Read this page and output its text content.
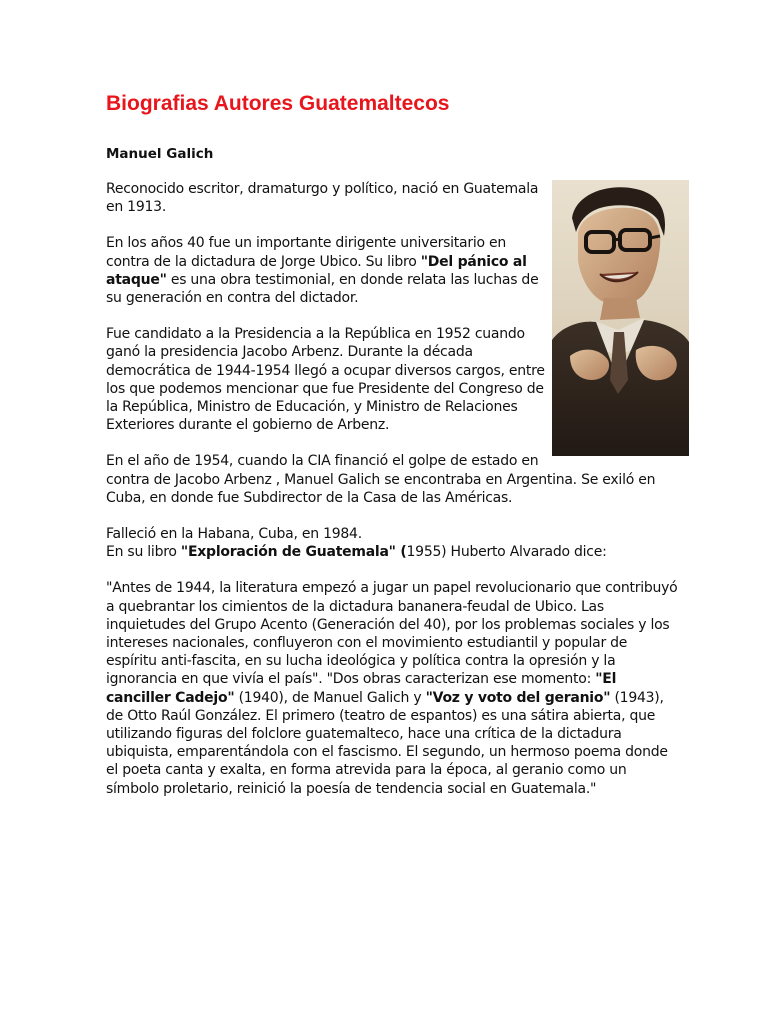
Biografias Autores Guatemaltecos
Manuel Galich

Reconocido escritor, dramaturgo y político, nació en Guatemala en 1913.

En los años 40 fue un importante dirigente universitario en contra de la dictadura de Jorge Ubico. Su libro "Del pánico al ataque" es una obra testimonial, en donde relata las luchas de su generación en contra del dictador.

Fue candidato a la Presidencia a la República en 1952 cuando ganó la presidencia Jacobo Arbenz. Durante la década democrática de 1944-1954 llegó a ocupar diversos cargos, entre los que podemos mencionar que fue Presidente del Congreso de la República, Ministro de Educación, y Ministro de Relaciones Exteriores durante el gobierno de Arbenz.

En el año de 1954, cuando la CIA financió el golpe de estado en contra de Jacobo Arbenz , Manuel Galich se encontraba en Argentina. Se exiló en Cuba, en donde fue Subdirector de la Casa de las Américas.

Falleció en la Habana, Cuba, en 1984.

En su libro "Exploración de Guatemala" (1955) Huberto Alvarado dice:

"Antes de 1944, la literatura empezó a jugar un papel revolucionario que contribuyó a quebrantar los cimientos de la dictadura bananera-feudal de Ubico. Las inquietudes del Grupo Acento (Generación del 40), por los problemas sociales y los intereses nacionales, confluyeron con el movimiento estudiantil y popular de espíritu anti-fascita, en su lucha ideológica y política contra la opresión y la ignorancia en que vivía el país". "Dos obras caracterizan ese momento: "El canciller Cadejo" (1940), de Manuel Galich y "Voz y voto del geranio" (1943), de Otto Raúl González. El primero (teatro de espantos) es una sátira abierta, que utilizando figuras del folclore guatemalteco, hace una crítica de la dictadura ubiquista, emparentándola con el fascismo. El segundo, un hermoso poema donde el poeta canta y exalta, en forma atrevida para la época, al geranio como un símbolo proletario, reinició la poesía de tendencia social en Guatemala."
